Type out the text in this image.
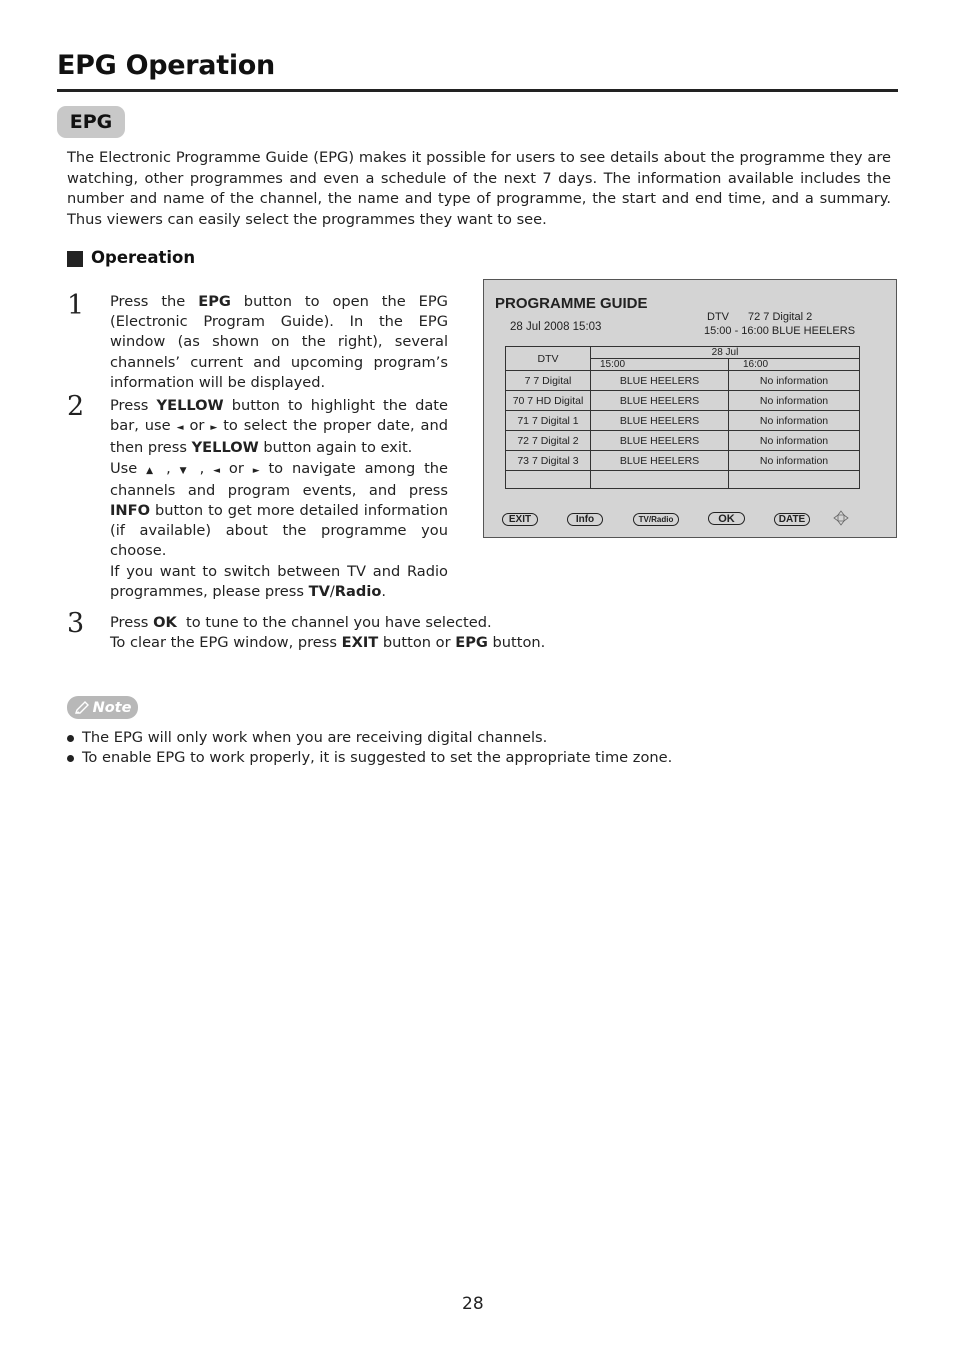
EPG Operation
EPG
The Electronic Programme Guide (EPG) makes it possible for users to see details about the programme they are watching, other programmes and even a schedule of the next 7 days. The information available includes the number and name of the channel, the name and type of programme, the start and end time, and a summary. Thus viewers can easily select the programmes they want to see.
Opereation
1 Press the EPG button to open the EPG (Electronic Program Guide). In the EPG window (as shown on the right), several channels’ current and upcoming program’s information will be displayed.
2 Press YELLOW button to highlight the date bar, use ◄ or ► to select the proper date, and then press YELLOW button again to exit.

Use ▲ , ▼ , ◄ or ► to navigate among the channels and program events, and press INFO button to get more detailed information (if available) about the programme you choose.

If you want to switch between TV and Radio programmes, please press TV/Radio.

PROGRAMME GUIDE
28 Jul 2008 15:03
DTV 72 7 Digital 2
15:00 - 16:00 BLUE HEELERS
DTV	28 Jul
15:00	16:00
7 7 Digital	BLUE HEELERS	No information
70 7 HD Digital	BLUE HEELERS	No information
71 7 Digital 1	BLUE HEELERS	No information
72 7 Digital 2	BLUE HEELERS	No information
73 7 Digital 3	BLUE HEELERS	No information
EXIT	Info	TV/Radio	OK	DATE
3 Press OK  to tune to the channel you have selected.

To clear the EPG window, press EXIT button or EPG button.

Note
The EPG will only work when you are receiving digital channels.
To enable EPG to work properly, it is suggested to set the appropriate time zone.
28
